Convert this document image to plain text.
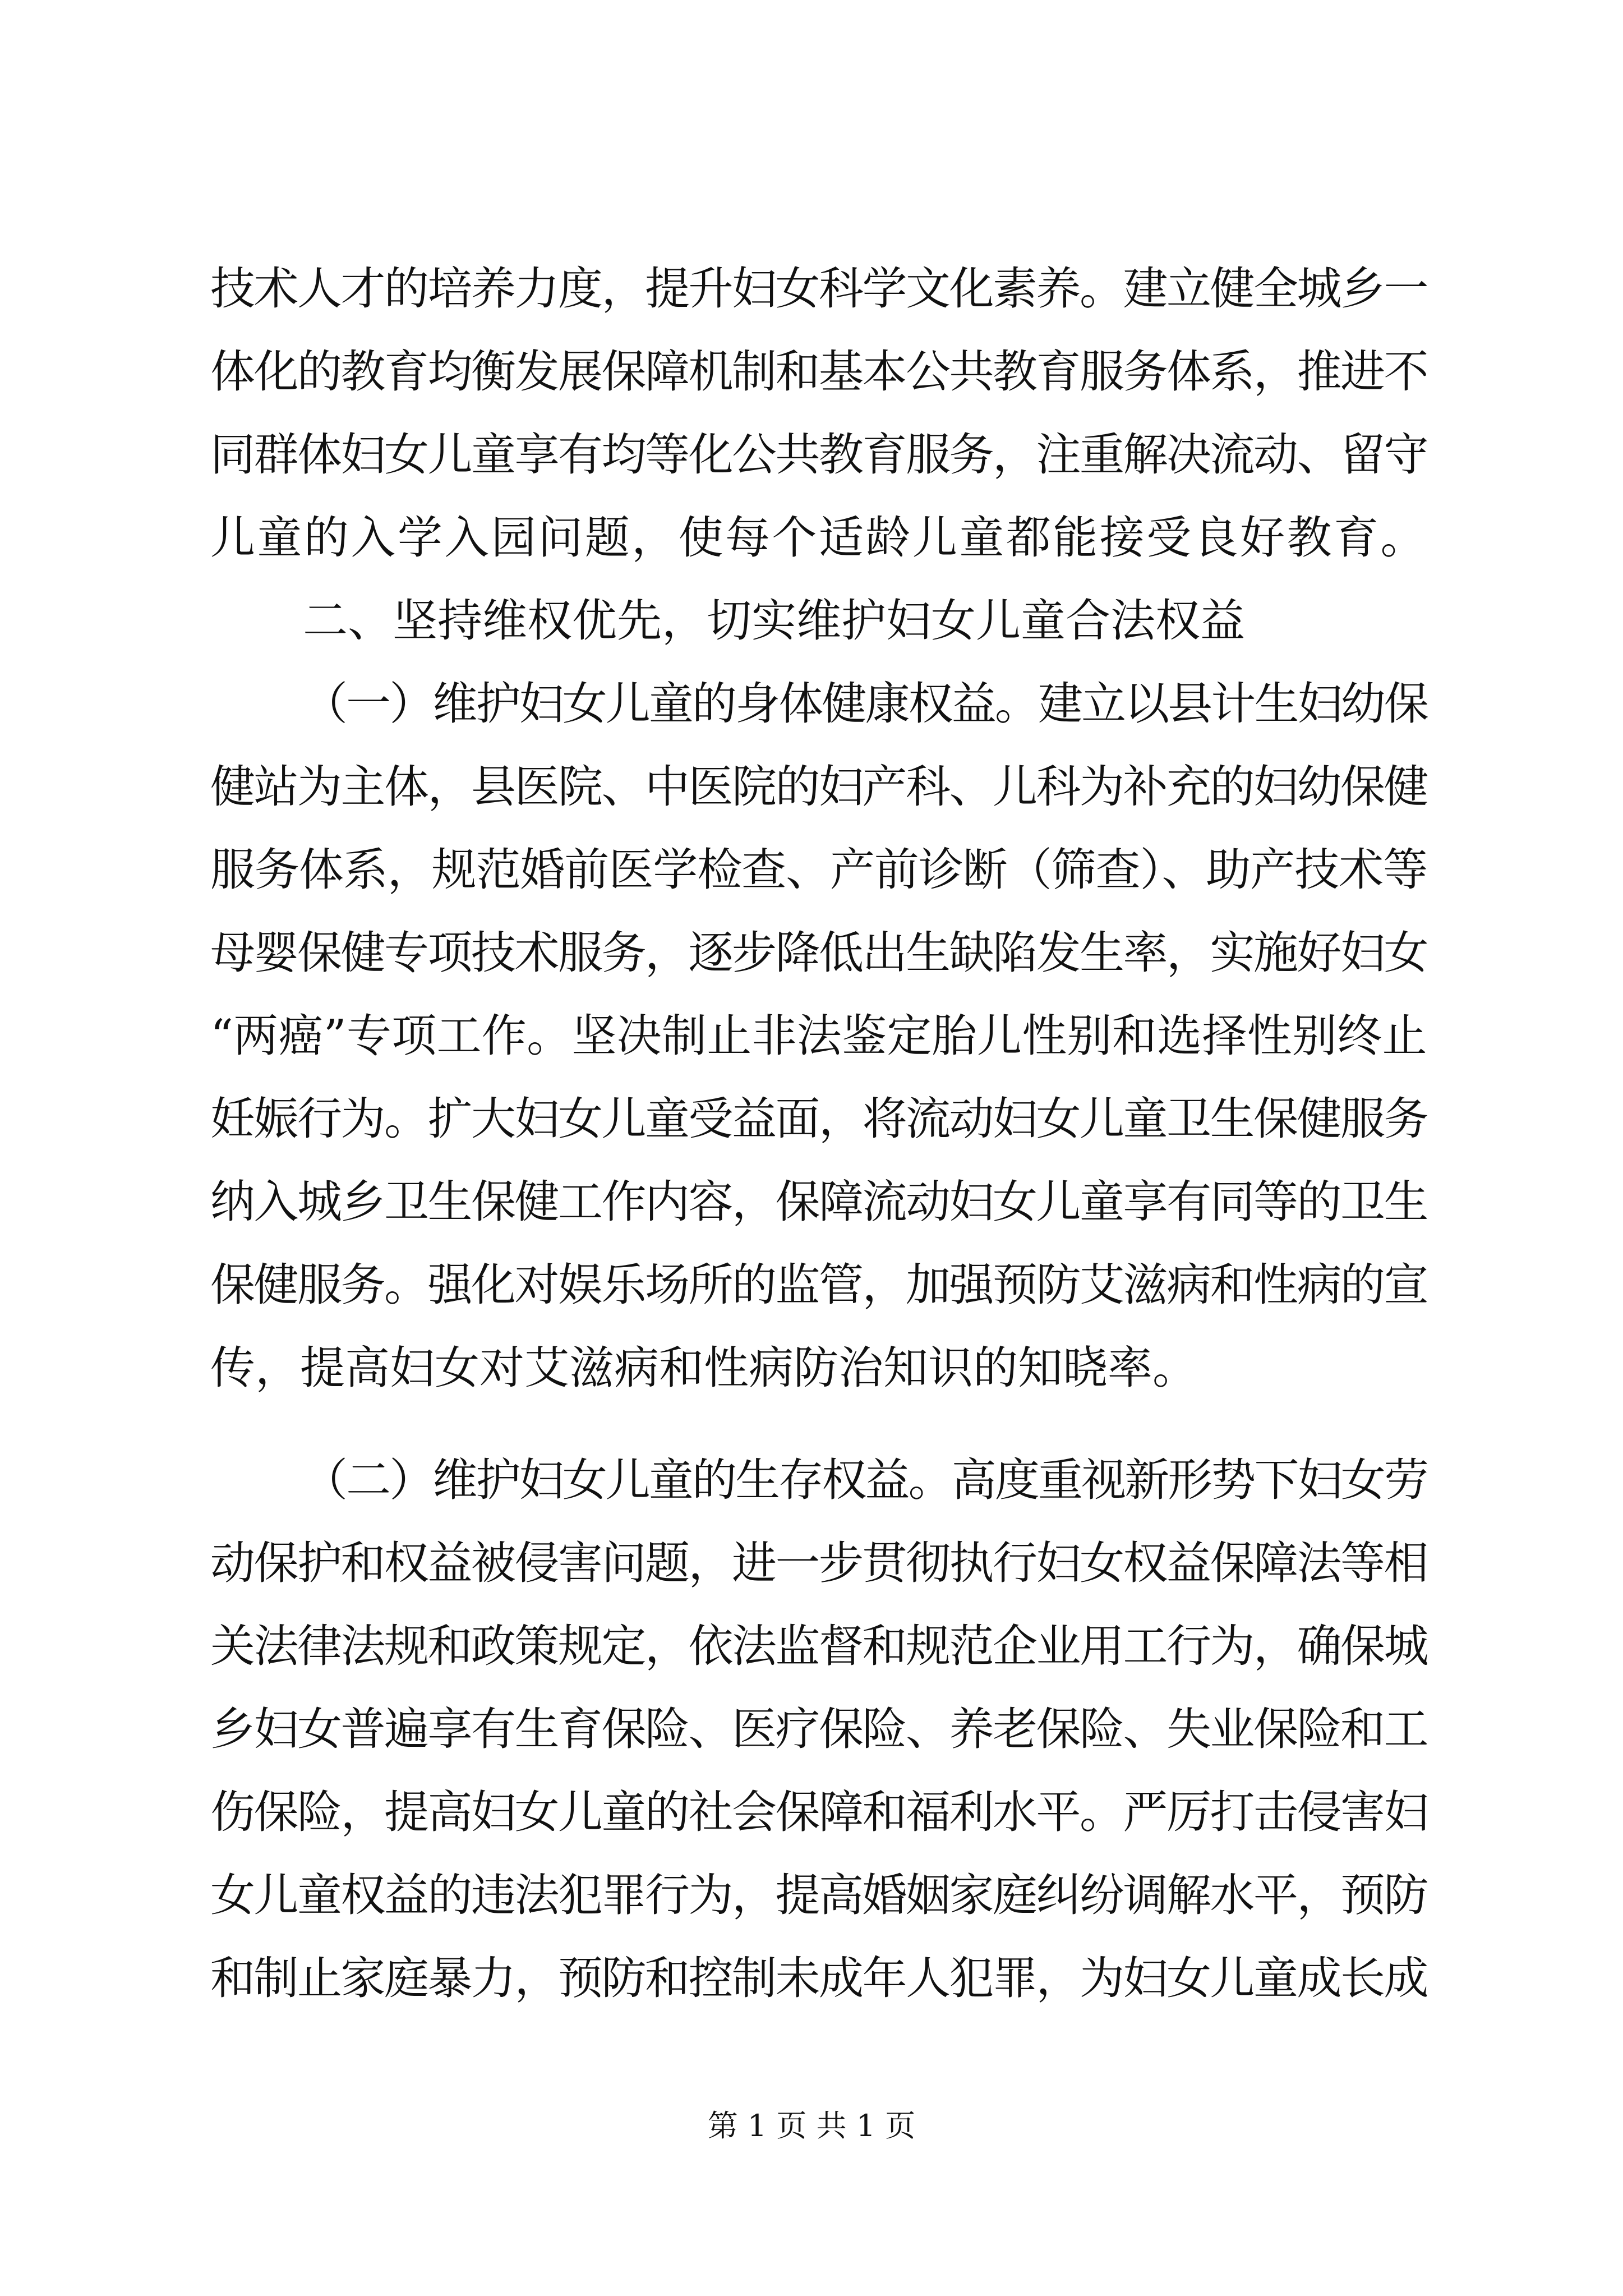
技术人才的培养力度，提升妇女科学文化素养。建立健全城乡一
体化的教育均衡发展保障机制和基本公共教育服务体系，推进不
同群体妇女儿童享有均等化公共教育服务，注重解决流动、留守
儿童的入学入园问题，使每个适龄儿童都能接受良好教育。
二、坚持维权优先，切实维护妇女儿童合法权益
（一）维护妇女儿童的身体健康权益。建立以县计生妇幼保
健站为主体，县医院、中医院的妇产科、儿科为补充的妇幼保健
服务体系，规范婚前医学检查、产前诊断（筛查）、助产技术等
母婴保健专项技术服务，逐步降低出生缺陷发生率，实施好妇女
“两癌”专项工作。坚决制止非法鉴定胎儿性别和选择性别终止
妊娠行为。扩大妇女儿童受益面，将流动妇女儿童卫生保健服务
纳入城乡卫生保健工作内容，保障流动妇女儿童享有同等的卫生
保健服务。强化对娱乐场所的监管，加强预防艾滋病和性病的宣
传，提高妇女对艾滋病和性病防治知识的知晓率。
（二）维护妇女儿童的生存权益。高度重视新形势下妇女劳
动保护和权益被侵害问题，进一步贯彻执行妇女权益保障法等相
关法律法规和政策规定，依法监督和规范企业用工行为，确保城
乡妇女普遍享有生育保险、医疗保险、养老保险、失业保险和工
伤保险，提高妇女儿童的社会保障和福利水平。严厉打击侵害妇
女儿童权益的违法犯罪行为，提高婚姻家庭纠纷调解水平，预防
和制止家庭暴力，预防和控制未成年人犯罪，为妇女儿童成长成
第 1 页 共 1 页
